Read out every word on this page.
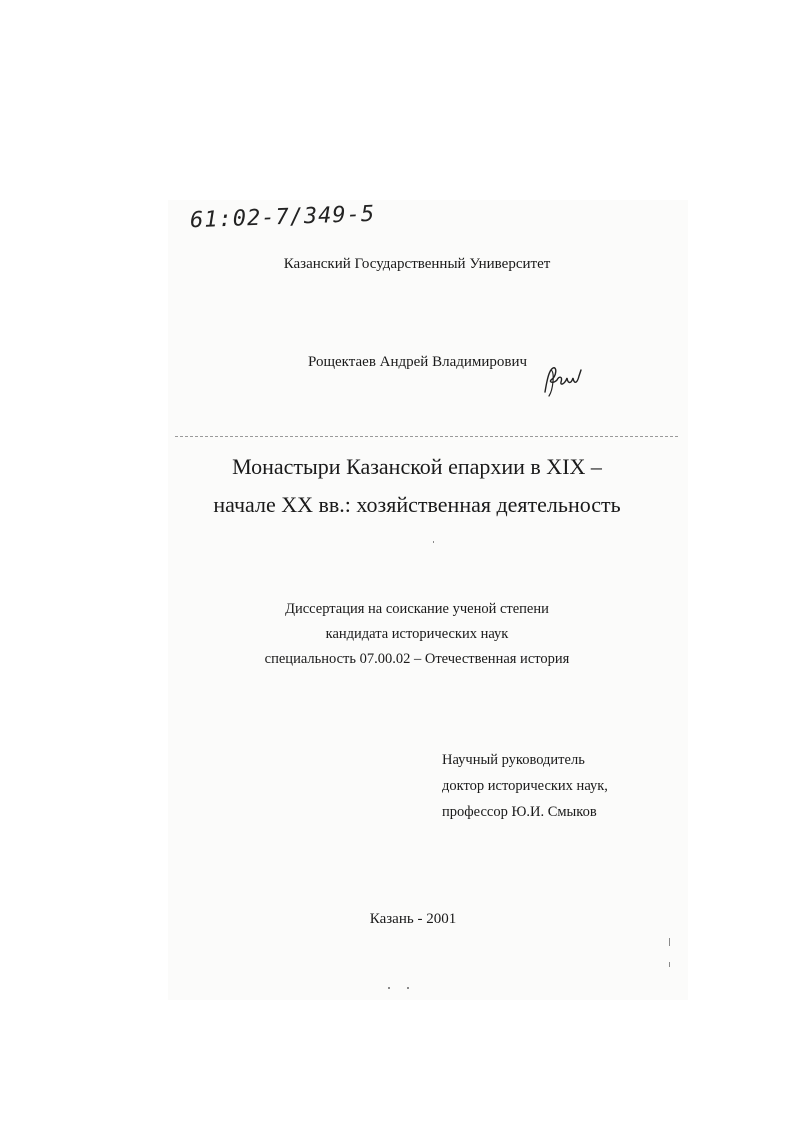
61:02-7/349-5
Казанский Государственный Университет
Рощектаев Андрей Владимирович
Монастыри Казанской епархии в XIX –
начале XX вв.: хозяйственная деятельность
Диссертация на соискание ученой степени
кандидата исторических наук
специальность 07.00.02 – Отечественная история
Научный руководитель
доктор исторических наук,
профессор Ю.И. Смыков
Казань - 2001
